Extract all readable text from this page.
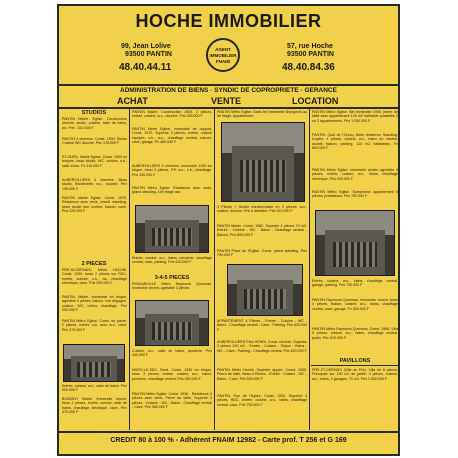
HOCHE IMMOBILIER
99, Jean Lolive
93500 PANTIN
48.40.44.11
AGENT
IMMOBILIER
FNAIM
57, rue Hoche
93500 PANTIN
48.40.84.36
ADMINISTRATION DE BIENS · SYNDIC DE COPROPRIETE · GERANCE
ACHAT	VENTE	LOCATION
STUDIOS
PANTIN Mairie. Eglise. Construction récente, studio ,cuisine, salle de bains, wc. Prix : 310.000 F
PANTIN 4 chemins. Const. 1900. Studio Cuisine WC douche. Prix 178.000 F
ST-OUEN. Mairie Eglise. Const. 1930 en briques, beau studio, WC, cuisine, s.b., salle d'eau. Px 210.000 F
AUBERVILLIERS 4 chemins. Beau studio, Kitchenette, w.c., douche. Prix 199.000 F
PANTIN Mairie Eglise. Const. 1970, Résidence avec verts, chauff. standing, beau studio tout confort, balcon, cave. Prix 220.000 F
2 PIECES
PRE-St-GERVAIS. Métro HOCHE. Const. 1930, beau 2 pièces sur RDC, entrée, cuisine, s.b., wc, chauffage électrique, cave. Prix 290.000 F
PANTIN. Mairie. Immeuble en brique, agréable 2 pièces, balcon, vue dégagée, cuisine, WC, cellier, chauffage. Prix 250.000 F
PANTIN Métro Eglise. Const. en pierre, 2 pièces, entrée, s.b. avec w.c., cave. Prix 270.000 F
Entrée, cuisine, w.c., salle de bains. Prix 300.000 F
BOBIGNY Mairie. Immeuble récent, beau 2 pièces, entrée, cuisine, salle de bains, chauffage électrique, cave. Prix 370.000 F
PANTIN Mairie. Construction 1920, 2 pièces, entrée, cuisine, w.c., douche. Prix 245.000 F
PANTIN Métro Eglise. Immeuble de rapport, Const. 1970, Superbe 3 pièces, entrée, cuisine équipée, s.b., w.c., chauffage central, balcon, cave, garage. Px 460.000 F
AUBERVILLIERS 4 chemins. Immeuble 1930 en brique, beau 3 pièces, P.P. w.c., s.b., chauffage. Prix 430.000 F
PANTIN Métro Eglise. Résidence avec verts, grand standing. 10e étage asc.
Entrée, cuisine, w.c., bains, penderie, chauffage central, cave, parking. Prix 610.000 F
3-4-5 PIECES
ROMAINVILLE Métro Raymond Queneau. Immeuble récent, agréable 3 pièces.
Cuisine, w.c., salle de bains, penderie. Prix 430.000 F
NOISY-LE-SEC. Bord. Const. 1930 en brique, beau 3 pièces, entrée, cuisine, w.c., bains, penderie, chauffage central. Prix 450.000 F
PANTIN Métro Eglise. Const. 1936 - Résidence 4 pièces avec verts. Pierre de taille, Superbe 3 pièces - Cuisine - WC - Bains - Chauffage central - Cave. Prix 380.000 F
PANTIN Métro Eglise. Dans bel immeuble Bourgeois au 5e étage. Appartement
3 Pièces + Studio transformable en 2 pièces, w.c., cuisine, douche. Prix à débattre. Prix 310.000 F
PANTIN Mairie. Const. 1980. Superbe 4 pièces 70 m2. Entrée - Cuisine - WC - Bains - Chauffage central - Balcon. Prix 609.000 F
PANTIN Place de l'Eglise. Const. grand standing. Prix 790.000 F
APPARTEMENT 4 Pièces - Entrée - Cuisine - WC - Bains - Chauffage central - Cave - Parking. Prix 620.000 F
AUBERVILLIERS Près HENRI. Const. récente. Superbe 3 pièces 100 m2 - Entrée - Cuisine - Séjour - Bains - WC - Cave - Parking - Chauffage central. Prix 620.000 F
PANTIN Métro Hoche. Superbe appart. Const. 1900. Pierre de taille. Beau 4 Pièces - Entrée - Cuisine - WC - Bains - Cave. Prix 600.000 F
PANTIN. Rue de l'Eglise. Const. 1930. Superbe 4 pièces, RDC, entrée, cuisine, w.c., bains, chauffage central, cave. Prix 750.000 F
PANTIN Métro Eglise. Bel immeuble 1900, pierre de taille avec appartement 120 m2 habitable possibles 2 ou 3 appartements. Prix 1.050.000 F
PANTIN. Quai de l'Ourcq. Belle résidence Standing. Duplex, 4 pièces, cuisine, w.c., bains en marbre, double balcon, parking, 110 m2 habitables. Px 890.000 F
PANTIN Métro Eglise. Immeuble ancien agréable 4 pièces, entrée, cuisine, w.c., bains, chauffage électrique. Prix 440.000 F
PANTIN Métro Eglise. Somptueux appartement 5 pièces, prestations. Prix 700.000 F
Entrée, cuisine, w.c., bains, chauffage central, garage, parking. Prix 730.000 F
PANTIN Raymond Queneau. Immeuble récent, beau 4 pièces, balcon, cuisine, w.c., bains, chauffage central, cave, garage. Px 550.000 F
PANTIN Métro Raymond Queneau. Const. 1960. Villa 5 pièces, cuisine, w.c., bains, chauffage central, jardin. Prix 510.000 F
PAVILLONS
PRE-ST-GERVAIS (Ville du Pré). Villa de 5 pièces. Principale sur 150 m2 de jardin. 4 pièces, cuisine, w.c., bains, 2 garages, 70 m2. Prix 1.600.000 F
CREDIT 80 à 100 % - Adhérent FNAIM 12982 - Carte prof. T 256 et G 169
